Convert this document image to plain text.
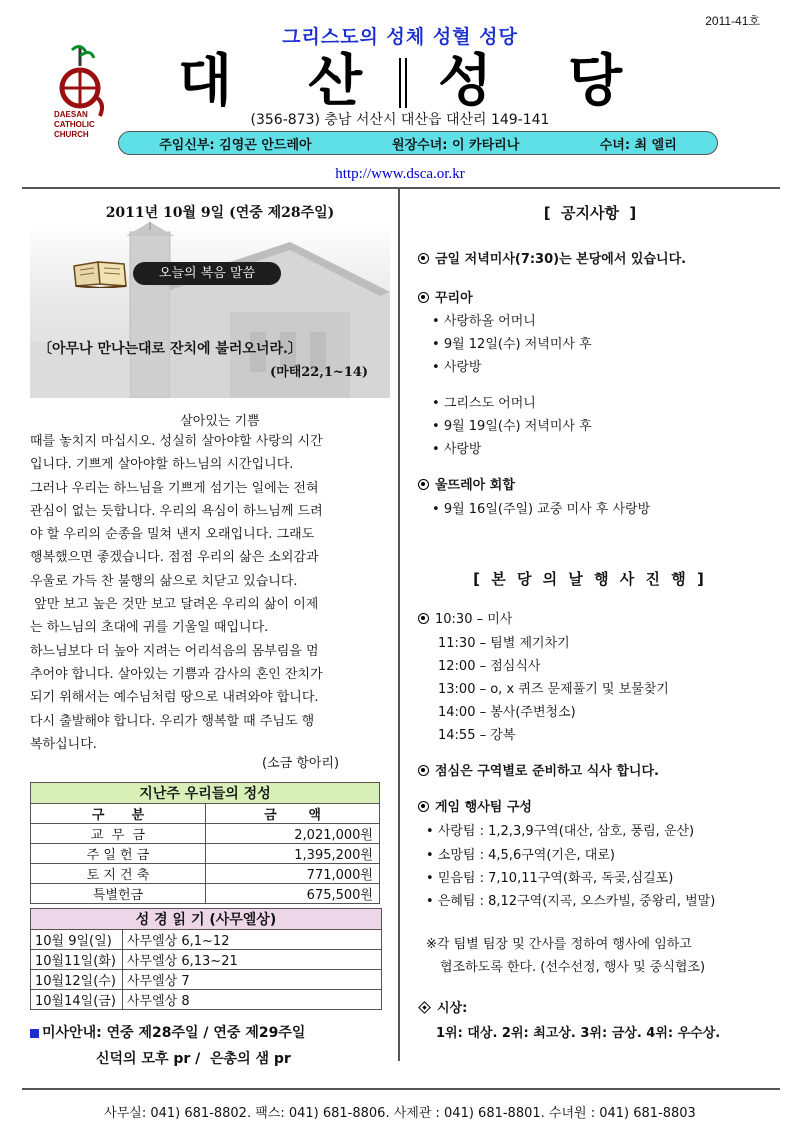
2011-41호
그리스도의 성체 성혈 성당
DAESAN
CATHOLIC
CHURCH
대 산 성 당
(356-873) 충남 서산시 대산읍 대산리 149-141
주임신부: 김영곤 안드레아	원장수녀: 이 카타리나	수녀: 최 엘리
http://www.dsca.or.kr
2011년 10월 9일 (연중 제28주일)
오늘의 복음 말씀
〔아무나 만나는대로 잔치에 불러오너라.〕
(마태22,1~14)
살아있는 기쁨
때를 놓치지 마십시오. 성실히 살아야할 사랑의 시간
입니다. 기쁘게 살아야할 하느님의 시간입니다.
그러나 우리는 하느님을 기쁘게 섬기는 일에는 전혀
관심이 없는 듯합니다. 우리의 욕심이 하느님께 드려
야 할 우리의 순종을 밀쳐 낸지 오래입니다. 그래도
행복했으면 좋겠습니다. 점점 우리의 삶은 소외감과
우울로 가득 찬 불행의 삶으로 치닫고 있습니다.
앞만 보고 높은 것만 보고 달려온 우리의 삶이 이제
는 하느님의 초대에 귀를 기울일 때입니다.
하느님보다 더 높아 지려는 어리석음의 몸부림을 멈
추어야 합니다. 살아있는 기쁨과 감사의 혼인 잔치가
되기 위해서는 예수님처럼 땅으로 내려와야 합니다.
다시 출발해야 합니다. 우리가 행복할 때 주님도 행
복하십니다.
(소금 항아리)
지난주 우리들의 정성	
구      분	금       액
교  무  금	2,021,000원
주 일 헌 금	1,395,200원
토 지 건 축	771,000원
특별헌금	675,500원
성 경 읽 기 (사무엘상)	
10월 9일(일)	사무엘상 6,1~12
10월11일(화)	사무엘상 6,13~21
10월12일(수)	사무엘상 7
10월14일(금)	사무엘상 8
미사안내: 연중 제28주일 / 연중 제29주일
신덕의 모후 pr /  은총의 샘 pr
[  공지사항  ]
금일 저녁미사(7:30)는 본당에서 있습니다.
꾸리아
• 사랑하올 어머니
• 9월 12일(수) 저녁미사 후
• 사랑방
• 그리스도 어머니
• 9월 19일(수) 저녁미사 후
• 사랑방
울뜨레아 회합
• 9월 16일(주일) 교중 미사 후 사랑방
[ 본 당 의 날 행 사 진 행 ]
10:30 – 미사
11:30 – 팀별 제기차기
12:00 – 점심식사
13:00 – o, x 퀴즈 문제풀기 및 보물찾기
14:00 – 봉사(주변청소)
14:55 – 강복
점심은 구역별로 준비하고 식사 합니다.
게임 행사팀 구성
• 사랑팀 : 1,2,3,9구역(대산, 삼호, 풍림, 운산)
• 소망팀 : 4,5,6구역(기은, 대로)
• 믿음팀 : 7,10,11구역(화곡, 독곶,심길포)
• 은혜팀 : 8,12구역(지곡, 오스카빌, 중왕리, 벌말)
※각 팀별 팀장 및 간사를 정하여 행사에 임하고
협조하도록 한다. (선수선정, 행사 및 중식협조)
시상:
1위: 대상. 2위: 최고상. 3위: 금상. 4위: 우수상.
사무실: 041) 681-8802. 팩스: 041) 681-8806. 사제관 : 041) 681-8801. 수녀원 : 041) 681-8803
